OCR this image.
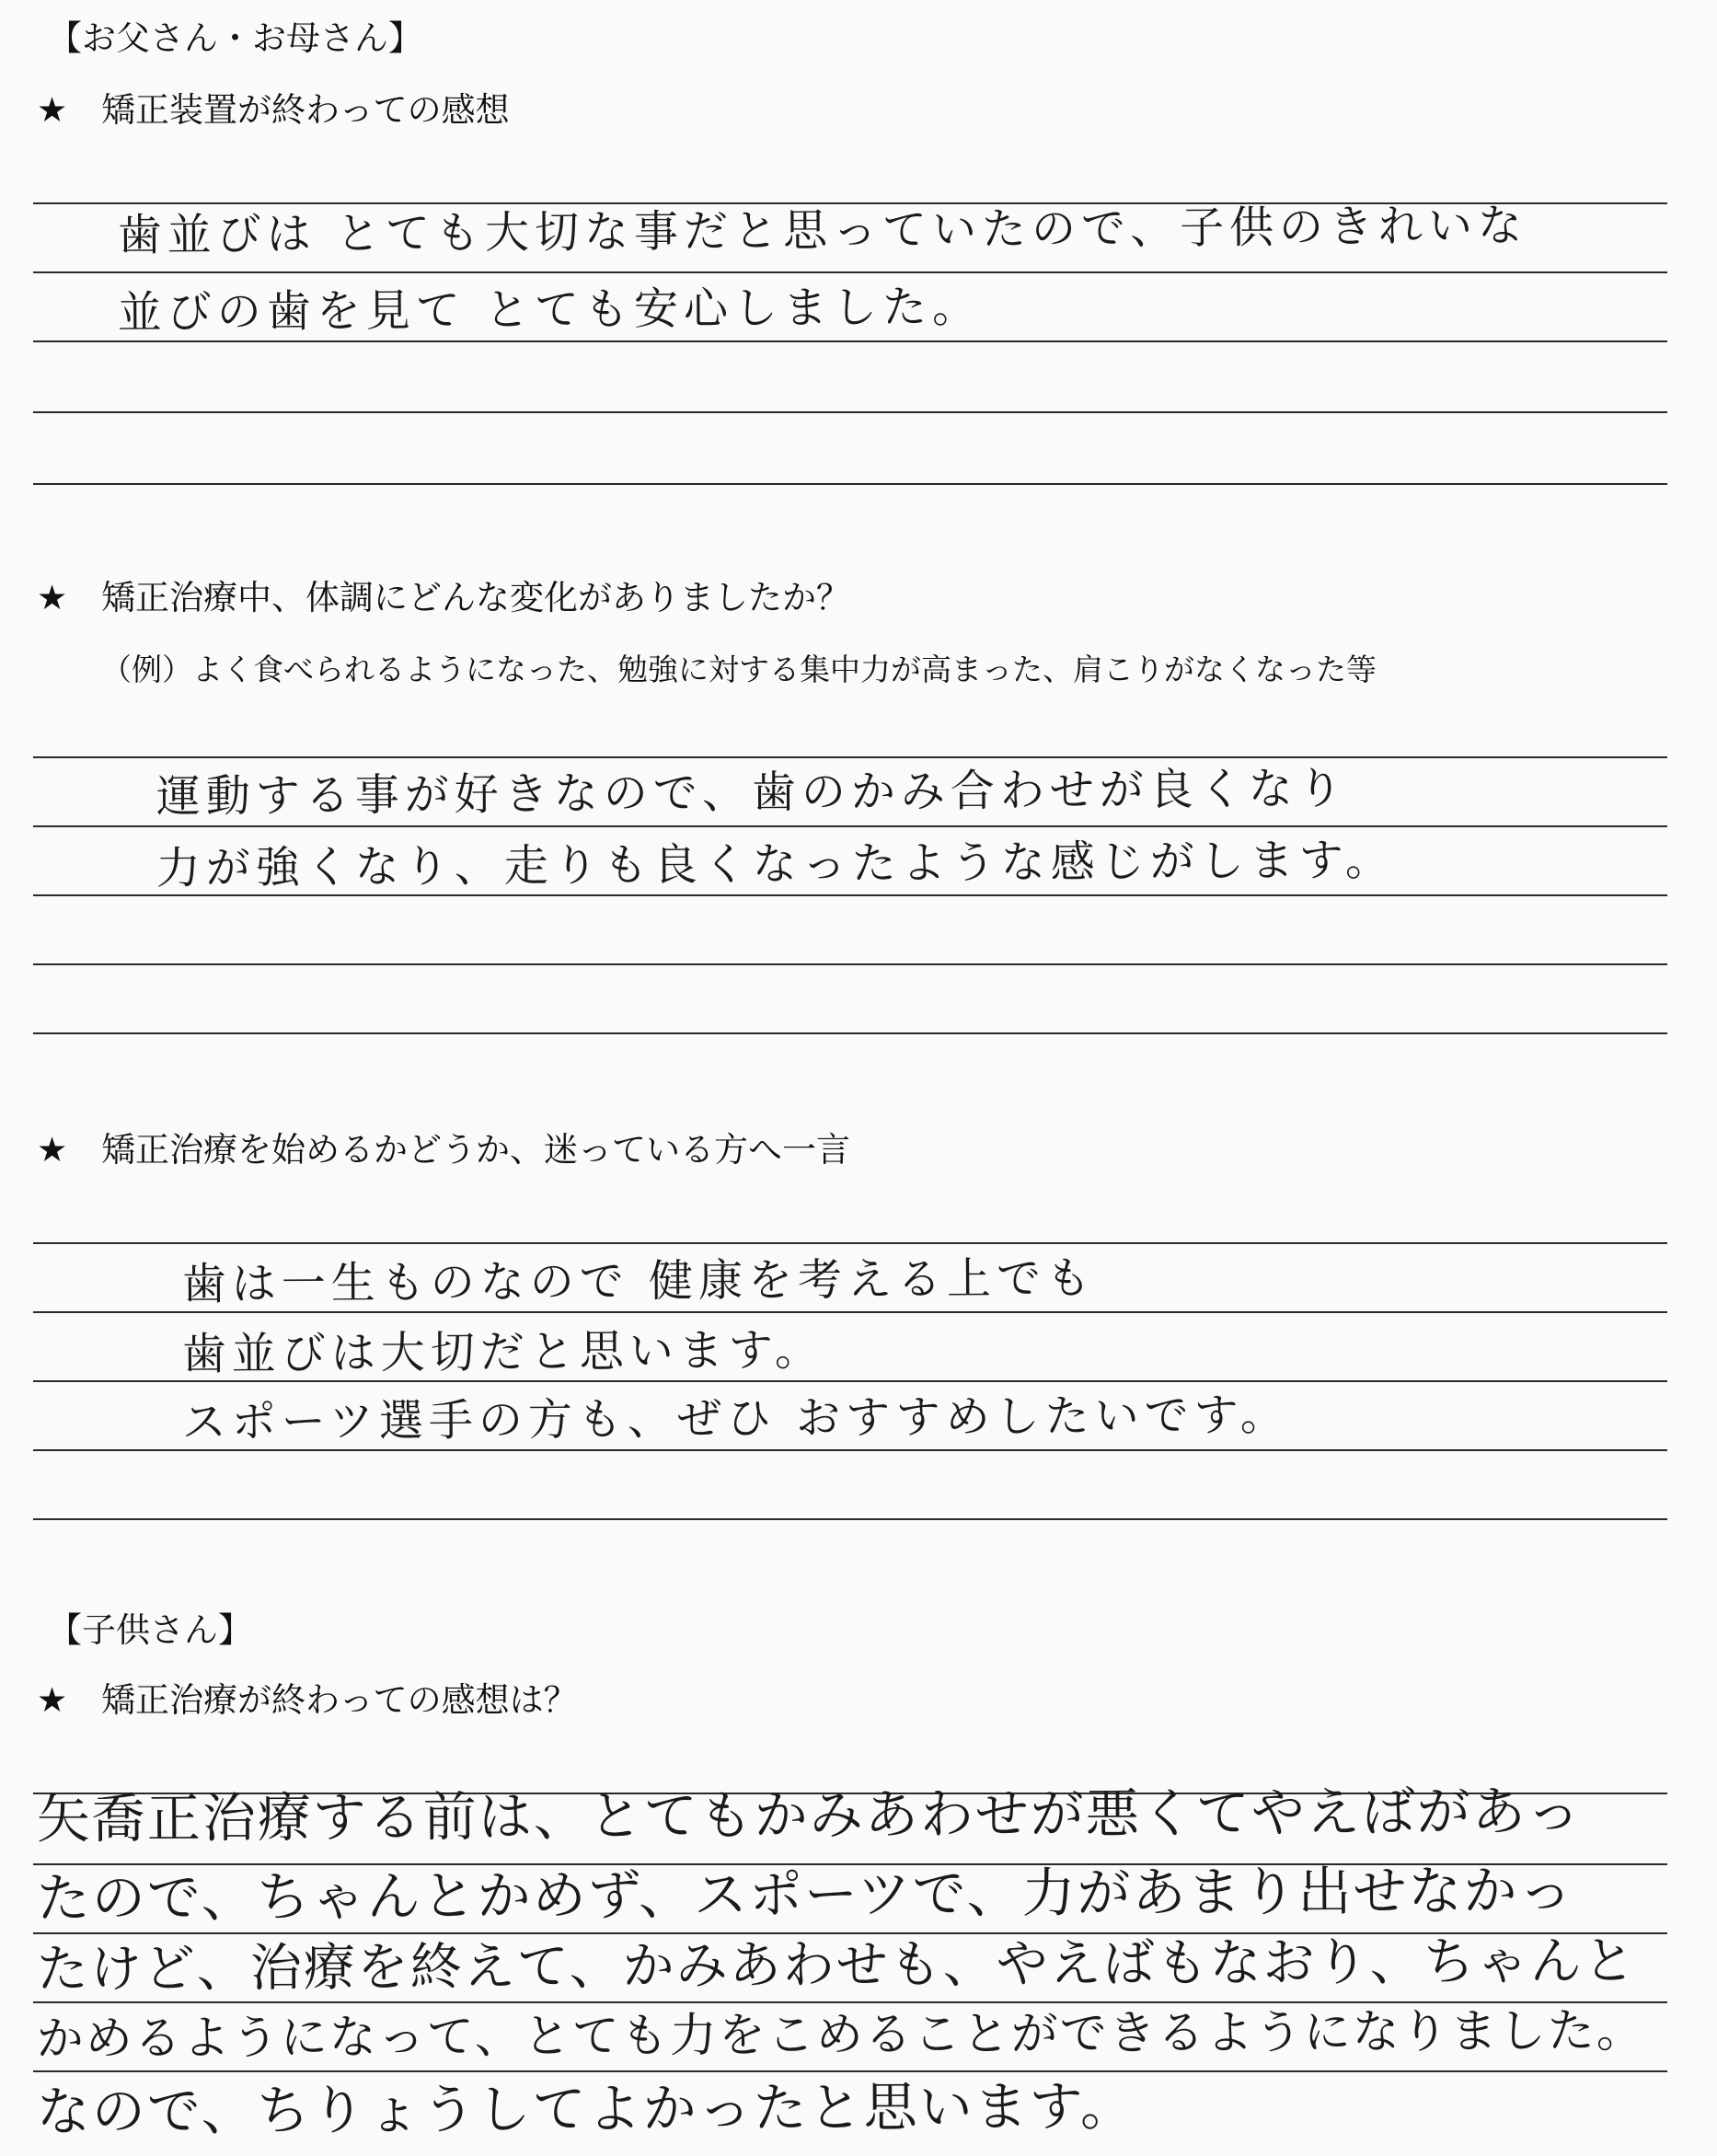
【お父さん・お母さん】
★ 矯正装置が終わっての感想
歯並びは とても大切な事だと思っていたので、子供のきれいな
並びの歯を見て とても安心しました。
★ 矯正治療中、体調にどんな変化がありましたか？
（例）よく食べられるようになった、勉強に対する集中力が高まった、肩こりがなくなった等
運動する事が好きなので、歯のかみ合わせが良くなり
力が強くなり、走りも良くなったような感じがします。
★ 矯正治療を始めるかどうか、迷っている方へ一言
歯は一生ものなので 健康を考える上でも
歯並びは大切だと思います。
スポーツ選手の方も、ぜひ おすすめしたいです。
【子供さん】
★ 矯正治療が終わっての感想は？
矢喬正治療する前は、とてもかみあわせが悪くてやえばがあっ
たので、ちゃんとかめず、スポーツで、力があまり出せなかっ
たけど、治療を終えて、かみあわせも、やえばもなおり、ちゃんと
かめるようになって、とても力をこめることができるようになりました。
なので、ちりょうしてよかったと思います。
